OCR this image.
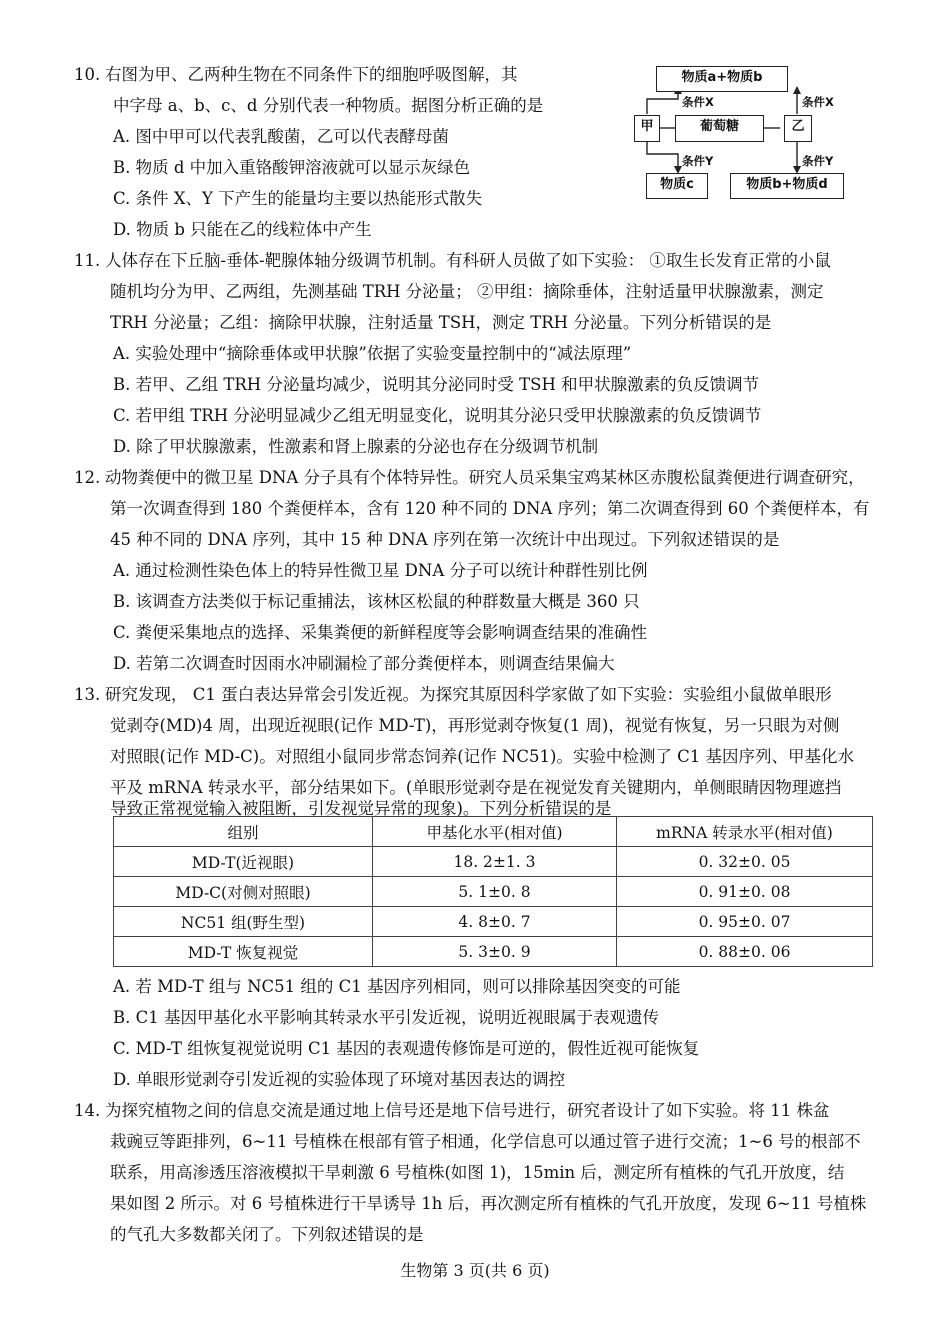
10. 右图为甲、乙两种生物在不同条件下的细胞呼吸图解，其
中字母 a、b、c、d 分别代表一种物质。据图分析正确的是
A. 图中甲可以代表乳酸菌，乙可以代表酵母菌
B. 物质 d 中加入重铬酸钾溶液就可以显示灰绿色
C. 条件 X、Y 下产生的能量均主要以热能形式散失
D. 物质 b 只能在乙的线粒体中产生
物质a+物质b
条件X	条件X
甲	葡萄糖	乙
条件Y	条件Y
物质c	物质b+物质d
11. 人体存在下丘脑-垂体-靶腺体轴分级调节机制。有科研人员做了如下实验： ①取生长发育正常的小鼠
随机均分为甲、乙两组，先测基础 TRH 分泌量； ②甲组：摘除垂体，注射适量甲状腺激素，测定
TRH 分泌量；乙组：摘除甲状腺，注射适量 TSH，测定 TRH 分泌量。下列分析错误的是
A. 实验处理中“摘除垂体或甲状腺”依据了实验变量控制中的“减法原理”
B. 若甲、乙组 TRH 分泌量均减少，说明其分泌同时受 TSH 和甲状腺激素的负反馈调节
C. 若甲组 TRH 分泌明显减少乙组无明显变化，说明其分泌只受甲状腺激素的负反馈调节
D. 除了甲状腺激素，性激素和肾上腺素的分泌也存在分级调节机制
12. 动物粪便中的微卫星 DNA 分子具有个体特异性。研究人员采集宝鸡某林区赤腹松鼠粪便进行调查研究，
第一次调查得到 180 个粪便样本，含有 120 种不同的 DNA 序列；第二次调查得到 60 个粪便样本，有
45 种不同的 DNA 序列，其中 15 种 DNA 序列在第一次统计中出现过。下列叙述错误的是
A. 通过检测性染色体上的特异性微卫星 DNA 分子可以统计种群性别比例
B. 该调查方法类似于标记重捕法，该林区松鼠的种群数量大概是 360 只
C. 粪便采集地点的选择、采集粪便的新鲜程度等会影响调查结果的准确性
D. 若第二次调查时因雨水冲刷漏检了部分粪便样本，则调查结果偏大
13. 研究发现， C1 蛋白表达异常会引发近视。为探究其原因科学家做了如下实验：实验组小鼠做单眼形
觉剥夺(MD)4 周，出现近视眼(记作 MD-T)，再形觉剥夺恢复(1 周)，视觉有恢复，另一只眼为对侧
对照眼(记作 MD-C)。对照组小鼠同步常态饲养(记作 NC51)。实验中检测了 C1 基因序列、甲基化水
平及 mRNA 转录水平，部分结果如下。(单眼形觉剥夺是在视觉发育关键期内，单侧眼睛因物理遮挡
导致正常视觉输入被阻断，引发视觉异常的现象)。下列分析错误的是
组别	甲基化水平(相对值)	mRNA 转录水平(相对值)
MD-T(近视眼)	18. 2±1. 3	0. 32±0. 05
MD-C(对侧对照眼)	5. 1±0. 8	0. 91±0. 08
NC51 组(野生型)	4. 8±0. 7	0. 95±0. 07
MD-T 恢复视觉	5. 3±0. 9	0. 88±0. 06
A. 若 MD-T 组与 NC51 组的 C1 基因序列相同，则可以排除基因突变的可能
B. C1 基因甲基化水平影响其转录水平引发近视，说明近视眼属于表观遗传
C. MD-T 组恢复视觉说明 C1 基因的表观遗传修饰是可逆的，假性近视可能恢复
D. 单眼形觉剥夺引发近视的实验体现了环境对基因表达的调控
14. 为探究植物之间的信息交流是通过地上信号还是地下信号进行，研究者设计了如下实验。将 11 株盆
栽豌豆等距排列，6~11 号植株在根部有管子相通，化学信息可以通过管子进行交流；1~6 号的根部不
联系，用高渗透压溶液模拟干旱刺激 6 号植株(如图 1)，15min 后，测定所有植株的气孔开放度，结
果如图 2 所示。对 6 号植株进行干旱诱导 1h 后，再次测定所有植株的气孔开放度，发现 6~11 号植株
的气孔大多数都关闭了。下列叙述错误的是
生物第 3 页(共 6 页)
